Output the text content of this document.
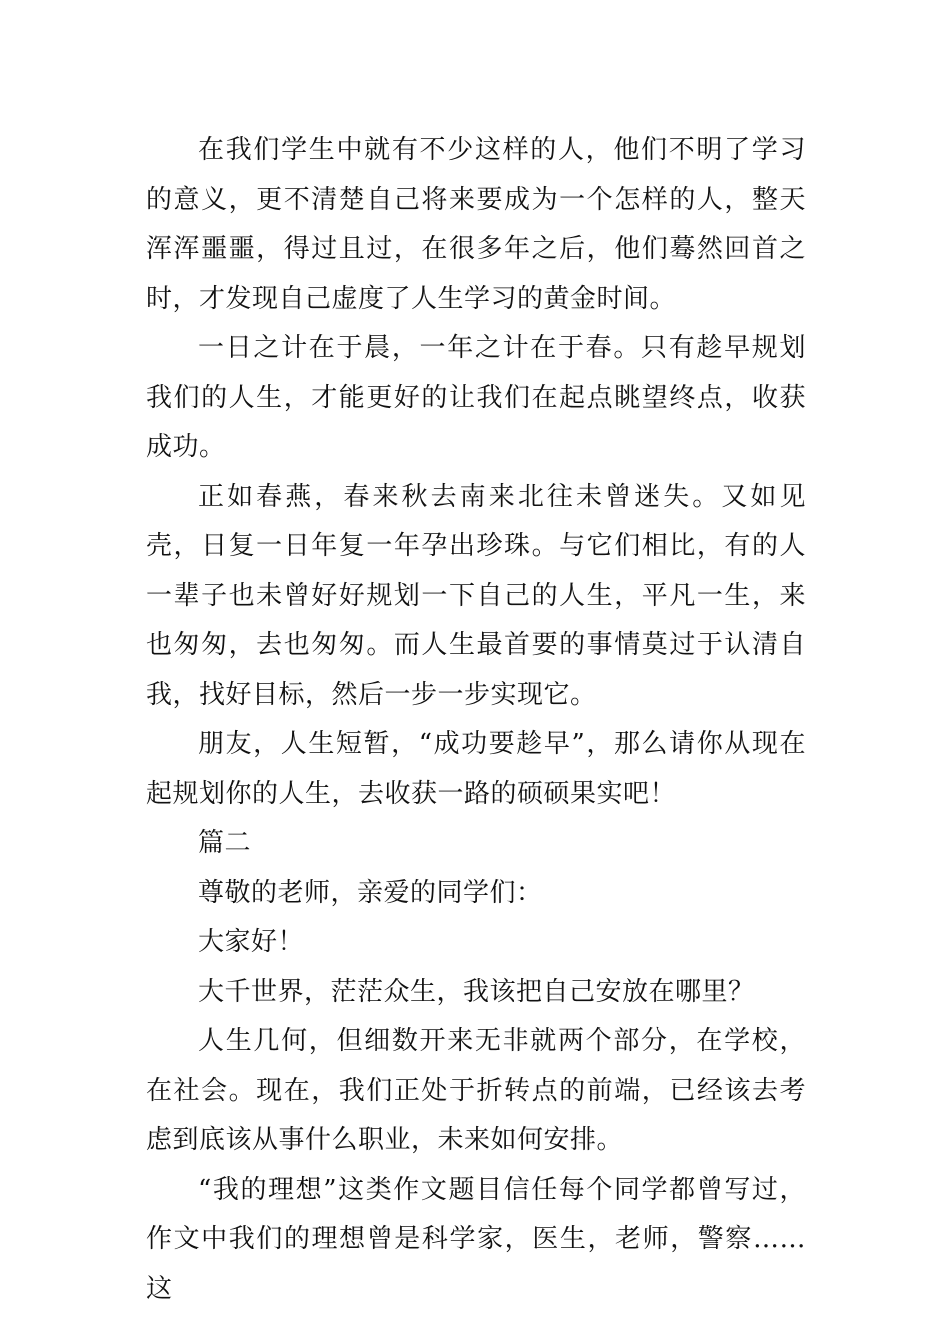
在我们学生中就有不少这样的人，他们不明了学习的意义，更不清楚自己将来要成为一个怎样的人，整天浑浑噩噩，得过且过，在很多年之后，他们蓦然回首之时，才发现自己虚度了人生学习的黄金时间。

一日之计在于晨，一年之计在于春。只有趁早规划我们的人生，才能更好的让我们在起点眺望终点，收获成功。

正如春燕，春来秋去南来北往未曾迷失。又如见壳，日复一日年复一年孕出珍珠。与它们相比，有的人一辈子也未曾好好规划一下自己的人生，平凡一生，来也匆匆，去也匆匆。而人生最首要的事情莫过于认清自我，找好目标，然后一步一步实现它。

朋友，人生短暂，“成功要趁早”，那么请你从现在起规划你的人生，去收获一路的硕硕果实吧！

篇二

尊敬的老师，亲爱的同学们：

大家好！

大千世界，茫茫众生，我该把自己安放在哪里？

人生几何，但细数开来无非就两个部分，在学校，在社会。现在，我们正处于折转点的前端，已经该去考虑到底该从事什么职业，未来如何安排。

“我的理想”这类作文题目信任每个同学都曾写过，作文中我们的理想曾是科学家，医生，老师，警察……这
